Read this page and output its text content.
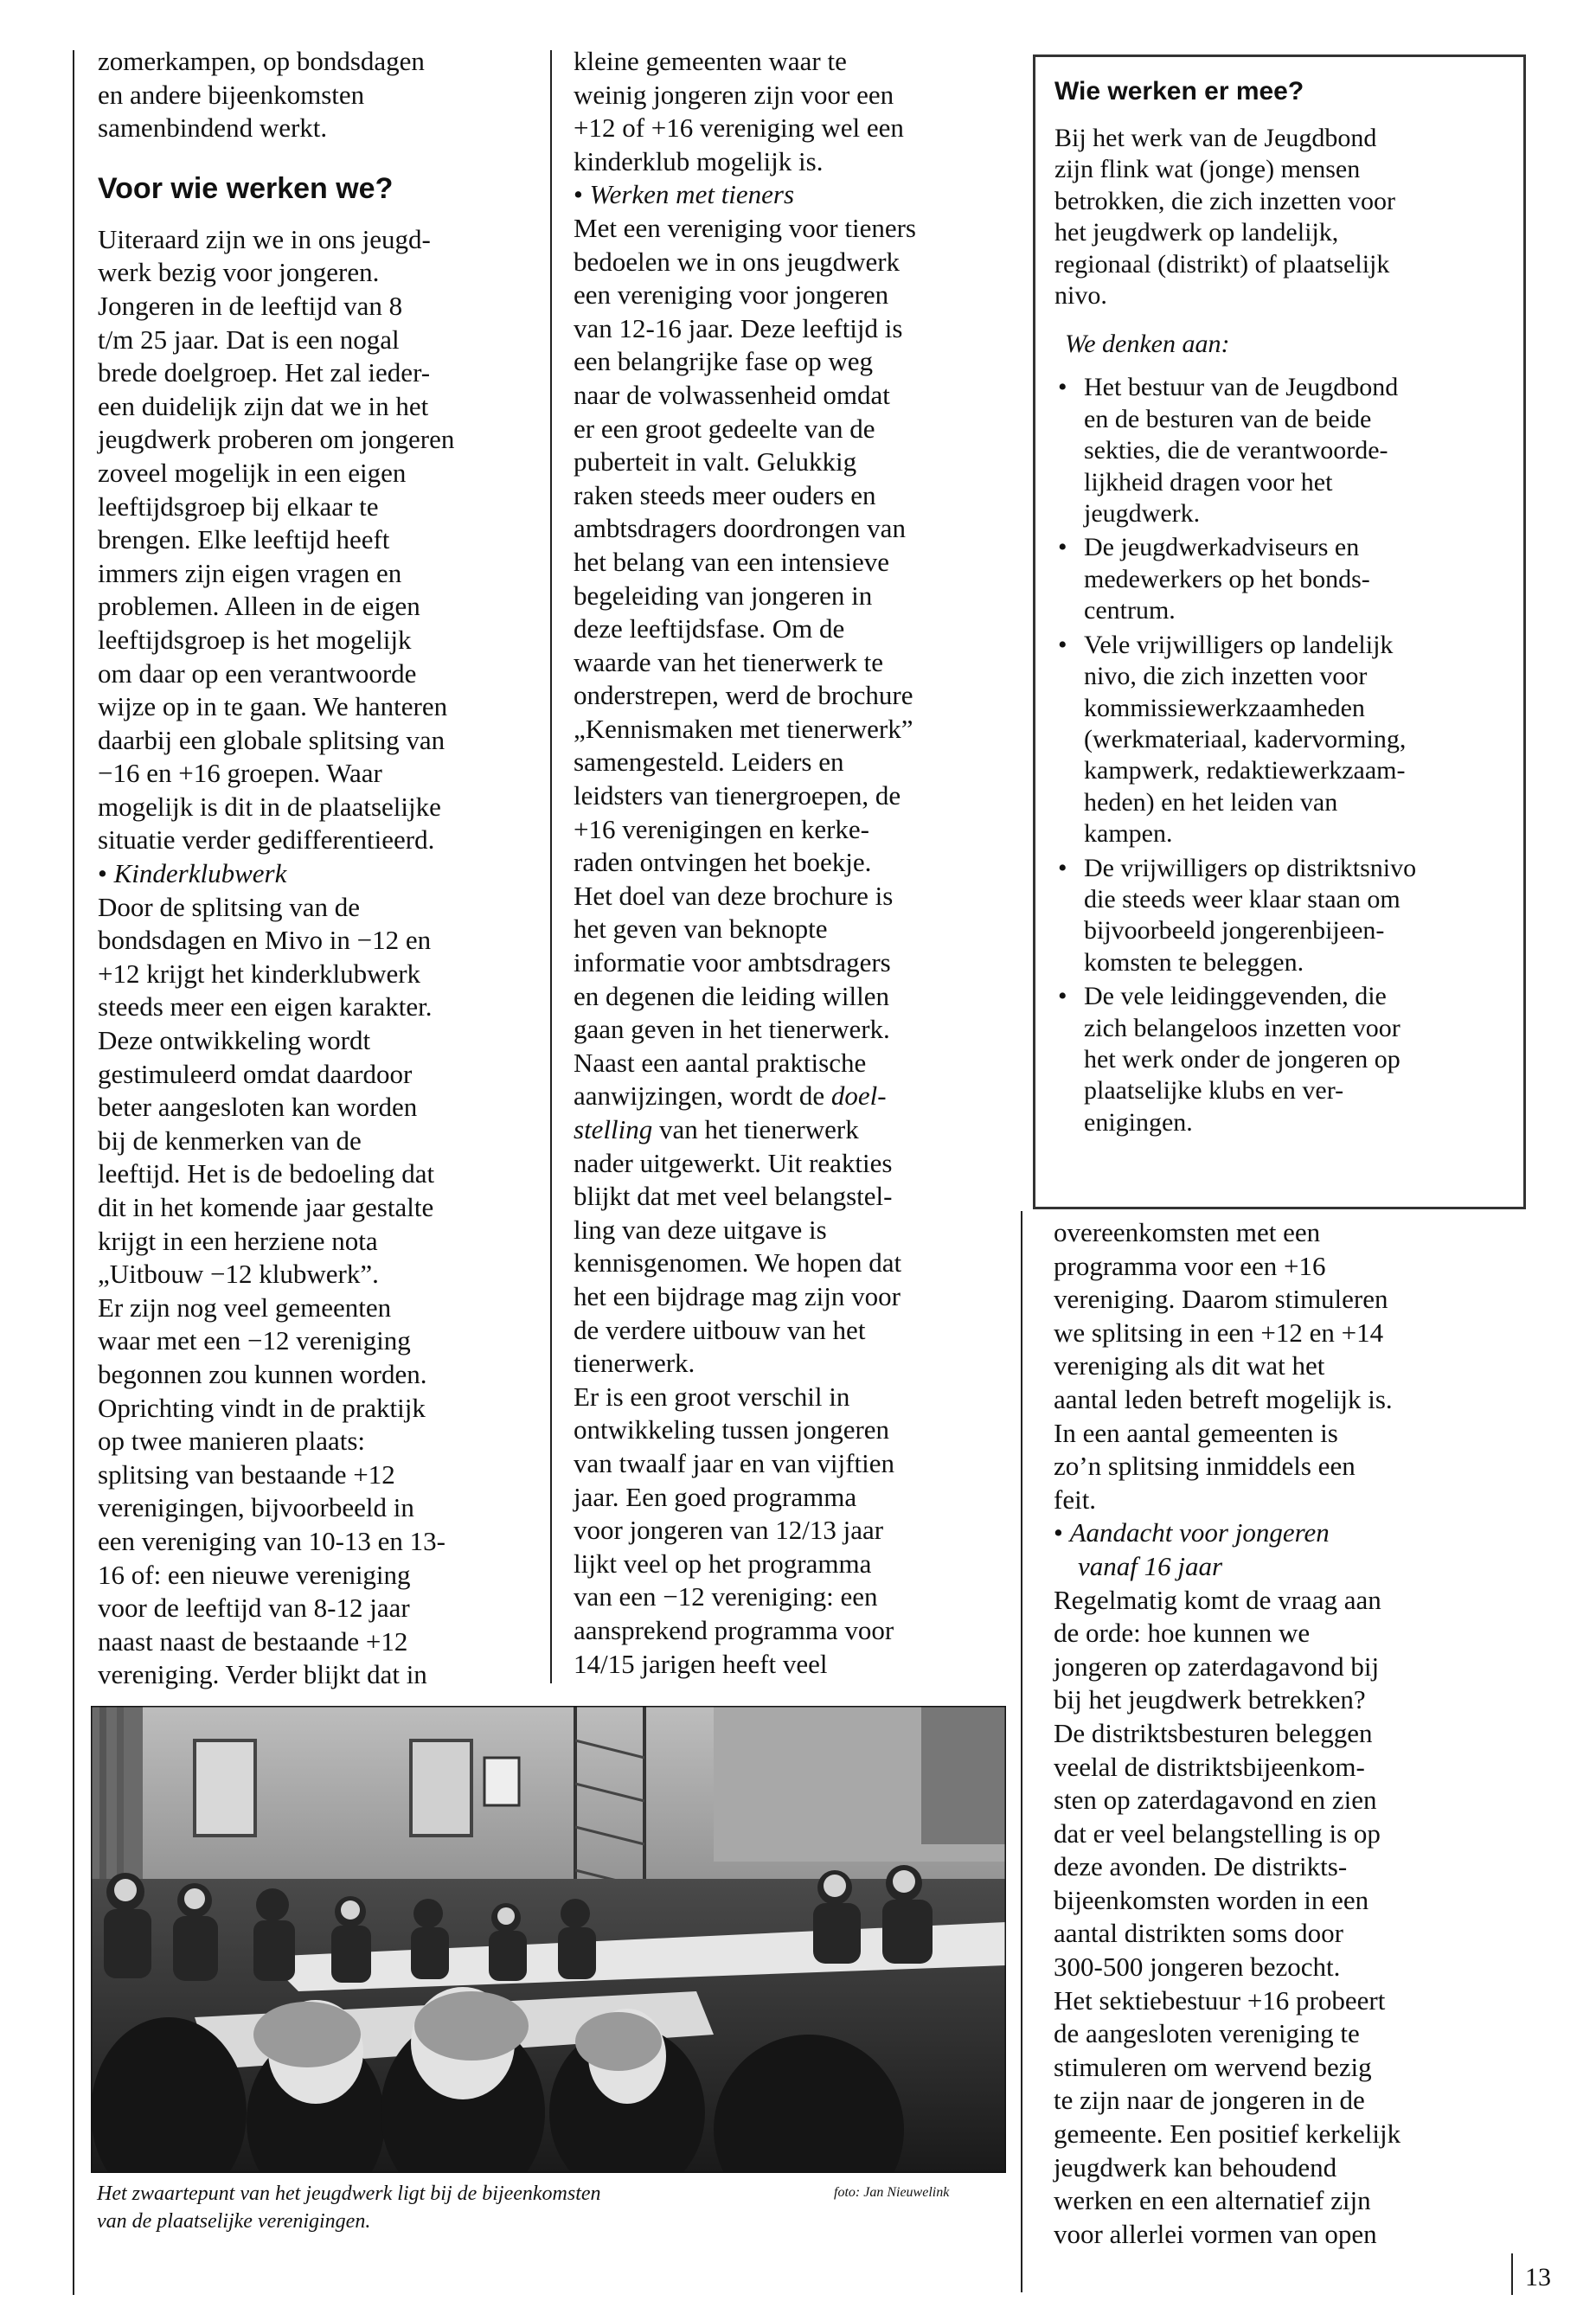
zomerkampen, op bondsdagen
en andere bijeenkomsten
samenbindend werkt.
Voor wie werken we?
Uiteraard zijn we in ons jeugd-
werk bezig voor jongeren.
Jongeren in de leeftijd van 8
t/m 25 jaar. Dat is een nogal
brede doelgroep. Het zal ieder-
een duidelijk zijn dat we in het
jeugdwerk proberen om jongeren
zoveel mogelijk in een eigen
leeftijdsgroep bij elkaar te
brengen. Elke leeftijd heeft
immers zijn eigen vragen en
problemen. Alleen in de eigen
leeftijdsgroep is het mogelijk
om daar op een verantwoorde
wijze op in te gaan. We hanteren
daarbij een globale splitsing van
−16 en +16 groepen. Waar
mogelijk is dit in de plaatselijke
situatie verder gedifferentieerd.
• Kinderklubwerk
Door de splitsing van de
bondsdagen en Mivo in −12 en
+12 krijgt het kinderklubwerk
steeds meer een eigen karakter.
Deze ontwikkeling wordt
gestimuleerd omdat daardoor
beter aangesloten kan worden
bij de kenmerken van de
leeftijd. Het is de bedoeling dat
dit in het komende jaar gestalte
krijgt in een herziene nota
„Uitbouw −12 klubwerk”.
Er zijn nog veel gemeenten
waar met een −12 vereniging
begonnen zou kunnen worden.
Oprichting vindt in de praktijk
op twee manieren plaats:
splitsing van bestaande +12
verenigingen, bijvoorbeeld in
een vereniging van 10-13 en 13-
16 of: een nieuwe vereniging
voor de leeftijd van 8-12 jaar
naast naast de bestaande +12
vereniging. Verder blijkt dat in
kleine gemeenten waar te
weinig jongeren zijn voor een
+12 of +16 vereniging wel een
kinderklub mogelijk is.
• Werken met tieners
Met een vereniging voor tieners
bedoelen we in ons jeugdwerk
een vereniging voor jongeren
van 12-16 jaar. Deze leeftijd is
een belangrijke fase op weg
naar de volwassenheid omdat
er een groot gedeelte van de
puberteit in valt. Gelukkig
raken steeds meer ouders en
ambtsdragers doordrongen van
het belang van een intensieve
begeleiding van jongeren in
deze leeftijdsfase. Om de
waarde van het tienerwerk te
onderstrepen, werd de brochure
„Kennismaken met tienerwerk”
samengesteld. Leiders en
leidsters van tienergroepen, de
+16 verenigingen en kerke-
raden ontvingen het boekje.
Het doel van deze brochure is
het geven van beknopte
informatie voor ambtsdragers
en degenen die leiding willen
gaan geven in het tienerwerk.
Naast een aantal praktische
aanwijzingen, wordt de doel-
stelling van het tienerwerk
nader uitgewerkt. Uit reakties
blijkt dat met veel belangstel-
ling van deze uitgave is
kennisgenomen. We hopen dat
het een bijdrage mag zijn voor
de verdere uitbouw van het
tienerwerk.
Er is een groot verschil in
ontwikkeling tussen jongeren
van twaalf jaar en van vijftien
jaar. Een goed programma
voor jongeren van 12/13 jaar
lijkt veel op het programma
van een −12 vereniging: een
aansprekend programma voor
14/15 jarigen heeft veel
Wie werken er mee?
Bij het werk van de Jeugdbond
zijn flink wat (jonge) mensen
betrokken, die zich inzetten voor
het jeugdwerk op landelijk,
regionaal (distrikt) of plaatselijk
nivo.
We denken aan:
• Het bestuur van de Jeugdbond
en de besturen van de beide
sekties, die de verantwoorde-
lijkheid dragen voor het
jeugdwerk.
• De jeugdwerkadviseurs en
medewerkers op het bonds-
centrum.
• Vele vrijwilligers op landelijk
nivo, die zich inzetten voor
kommissiewerkzaamheden
(werkmateriaal, kadervorming,
kampwerk, redaktiewerkzaam-
heden) en het leiden van
kampen.
• De vrijwilligers op distriktsnivo
die steeds weer klaar staan om
bijvoorbeeld jongerenbijeen-
komsten te beleggen.
• De vele leidinggevenden, die
zich belangeloos inzetten voor
het werk onder de jongeren op
plaatselijke klubs en ver-
enigingen.
overeenkomsten met een
programma voor een +16
vereniging. Daarom stimuleren
we splitsing in een +12 en +14
vereniging als dit wat het
aantal leden betreft mogelijk is.
In een aantal gemeenten is
zo’n splitsing inmiddels een
feit.
• Aandacht voor jongeren
vanaf 16 jaar
Regelmatig komt de vraag aan
de orde: hoe kunnen we
jongeren op zaterdagavond bij
bij het jeugdwerk betrekken?
De distriktsbesturen beleggen
veelal de distriktsbijeenkom-
sten op zaterdagavond en zien
dat er veel belangstelling is op
deze avonden. De distrikts-
bijeenkomsten worden in een
aantal distrikten soms door
300-500 jongeren bezocht.
Het sektiebestuur +16 probeert
de aangesloten vereniging te
stimuleren om wervend bezig
te zijn naar de jongeren in de
gemeente. Een positief kerkelijk
jeugdwerk kan behoudend
werken en een alternatief zijn
voor allerlei vormen van open
Het zwaartepunt van het jeugdwerk ligt bij de bijeenkomsten
van de plaatselijke verenigingen.
foto: Jan Nieuwelink
13
